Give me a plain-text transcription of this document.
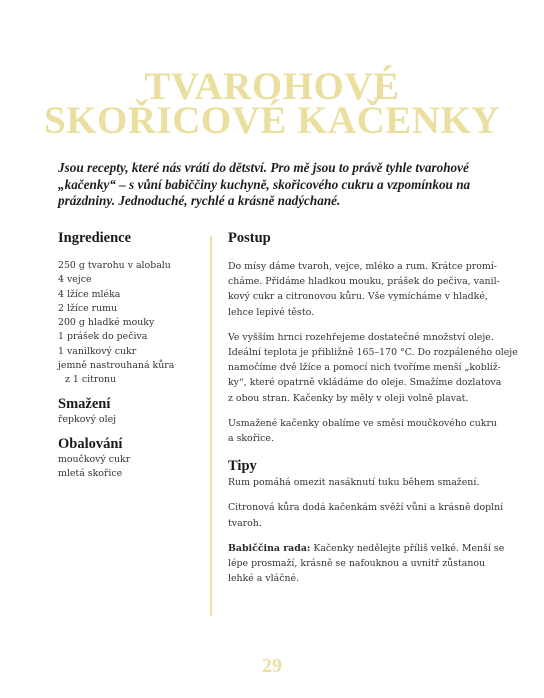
TVAROHOVÉ
SKOŘICOVÉ KAČENKY
Jsou recepty, které nás vrátí do dětství. Pro mě jsou to právě tyhle tvarohové
„kačenky“ – s vůní babiččiny kuchyně, skořicového cukru a vzpomínkou na
prázdniny. Jednoduché, rychlé a krásně nadýchané.
Ingredience
250 g tvarohu v alobalu
4 vejce
4 lžíce mléka
2 lžíce rumu
200 g hladké mouky
1 prášek do pečiva
1 vanilkový cukr
jemně nastrouhaná kůra
z 1 citronu
Smažení
řepkový olej
Obalování
moučkový cukr
mletá skořice
Postup
Do mísy dáme tvaroh, vejce, mléko a rum. Krátce promí-
cháme. Přidáme hladkou mouku, prášek do pečiva, vanil-
kový cukr a citronovou kůru. Vše vymícháme v hladké,
lehce lepivé těsto.
Ve vyšším hrnci rozehřejeme dostatečné množství oleje.
Ideální teplota je přibližně 165–170 °C. Do rozpáleného oleje
namočíme dvě lžíce a pomocí nich tvoříme menší „koblíž-
ky“, které opatrně vkládáme do oleje. Smažíme dozlatova
z obou stran. Kačenky by měly v oleji volně plavat.
Usmažené kačenky obalíme ve směsi moučkového cukru
a skořice.
Tipy
Rum pomáhá omezit nasáknutí tuku během smažení.
Citronová kůra dodá kačenkám svěží vůni a krásně doplní
tvaroh.
Babiččina rada: Kačenky nedělejte příliš velké. Menší se
lépe prosmaží, krásně se nafouknou a uvnitř zůstanou
lehké a vláčné.
29
